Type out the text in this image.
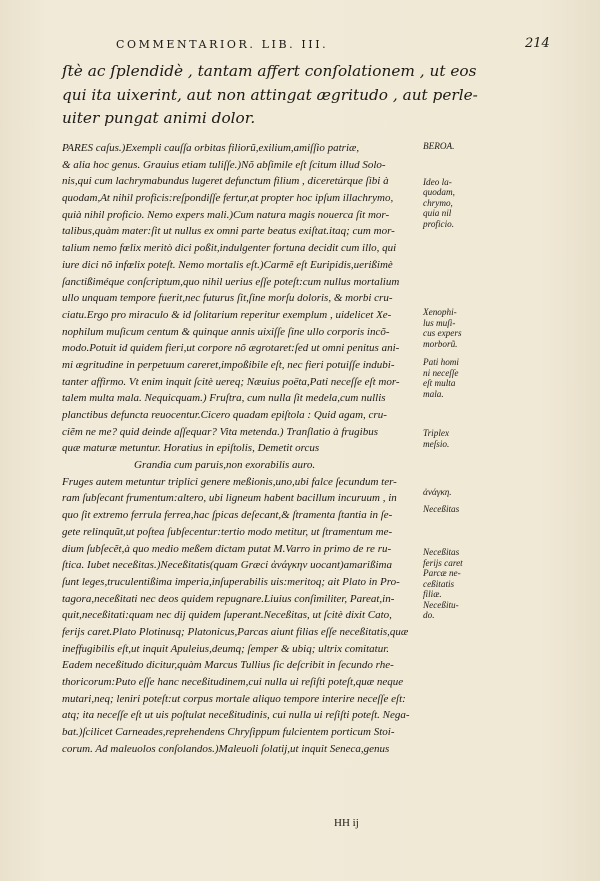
COMMENTARIOR. LIB. III.	214
ſtè ac ſplendidè , tantam affert conſolationem , ut eos
qui ita uixerint, aut non attingat ægritudo , aut perle-
uiter pungat animi dolor.
PARES caſus.)Exempli cauſſa orbitas filiorũ,exilium,amiſſio patriæ,
& alia hoc genus. Grauius etiam tuliſſe.)Nõ abſimile eſt ſcitum illud Solo-
nis,qui cum lachrymabundus lugeret defunctum filium , diceretúrque ſibi à
quodam,At nihil proficis:reſpondiſſe fertur,at propter hoc ipſum illachrymo,
quià nihil proficio. Nemo expers mali.)Cum natura magis nouerca ſit mor-
talibus,quàm mater:ſit ut nullus ex omni parte beatus exiſtat.itaq; cum mor-
talium nemo fœlix meritò dici poßit,indulgenter fortuna decidit cum illo, qui
iure dici nõ infœlix poteſt. Nemo mortalis eſt.)Carmẽ eſt Euripidis,uerißimè
ſanctißiméque conſcriptum,quo nihil uerius eſſe poteſt:cum nullus mortalium
ullo unquam tempore fuerit,nec futurus ſit,ſine morſu doloris, & morbi cru-
ciatu.Ergo pro miraculo & id ſolitarium reperitur exemplum , uidelicet Xe-
nophilum muſicum centum & quinque annis uixiſſe ſine ullo corporis incõ-
modo.Potuit id quidem fieri,ut corpore nõ ægrotaret:ſed ut omni penitus ani-
mi ægritudine in perpetuum careret,impoßibile eſt, nec fieri potuiſſe indubi-
tanter affirmo. Vt enim inquit ſcitè uereq; Næuius poëta,Pati neceſſe eſt mor-
talem multa mala. Nequicquam.) Fruſtra, cum nulla ſit medela,cum nullis
planctibus defuncta reuocentur.Cicero quadam epiſtola : Quid agam, cru-
ciẽm ne me? quid deinde aſſequar? Vita metenda.) Tranſlatio à frugibus
quæ maturæ metuntur. Horatius in epiſtolis, Demetit orcus
Grandia cum paruis,non exorabilis auro.
Fruges autem metuntur triplici genere meßionis,uno,ubi falce ſecundum ter-
ram ſubſecant frumentum:altero, ubi ligneum habent bacillum incuruum , in
quo ſit extremo ferrula ferrea,hac ſpicas deſecant,& ſtramenta ſtantia in ſe-
gete relinquũt,ut poſtea ſubſecentur:tertio modo metitur, ut ſtramentum me-
dium ſubſecẽt,à quo medio meßem dictam putat M.Varro in primo de re ru-
ſtica. Iubet neceßitas.)Neceßitatis(quam Græci ἀνάγκην uocant)amarißima
ſunt leges,truculentißima imperia,inſuperabilis uis:meritoq; ait Plato in Pro-
tagora,neceßitati nec deos quidem repugnare.Liuius conſimiliter, Pareat,in-
quit,neceßitati:quam nec dij quidem ſuperant.Neceßitas, ut ſcitè dixit Cato,
ferijs caret.Plato Plotinusq; Platonicus,Parcas aiunt filias eſſe neceßitatis,quæ
ineffugibilis eſt,ut inquit Apuleius,deumq; ſemper & ubiq; ultrix comitatur.
Eadem neceßitudo dicitur,quàm Marcus Tullius ſic deſcribit in ſecundo rhe-
thoricorum:Puto eſſe hanc neceßitudinem,cui nulla ui reſiſti poteſt,quæ neque
mutari,neq; leniri poteſt:ut corpus mortale aliquo tempore interire neceſſe eſt:
atq; ita neceſſe eſt ut uis poſtulat neceßitudinis, cui nulla ui reſiſti poteſt. Nega-
bat.)ſcilicet Carneades,reprehendens Chryſippum fulcientem porticum Stoi-
corum. Ad maleuolos conſolandos.)Maleuoli ſolatij,ut inquit Seneca,genus
BEROA.
Ideo la-
quodam,
chrymo,
quia nil
proficio.
Xenophi-
lus muſi-
cus expers
morborũ.
Pati homi
ni neceſſe
eſt multa
mala.
Triplex
meſsio.
ἀνάγκη.
Neceßitas
Neceßitas
ferijs caret
Parcæ ne-
ceßitatis
filiæ.
Neceßitu-
do.
HH ij
